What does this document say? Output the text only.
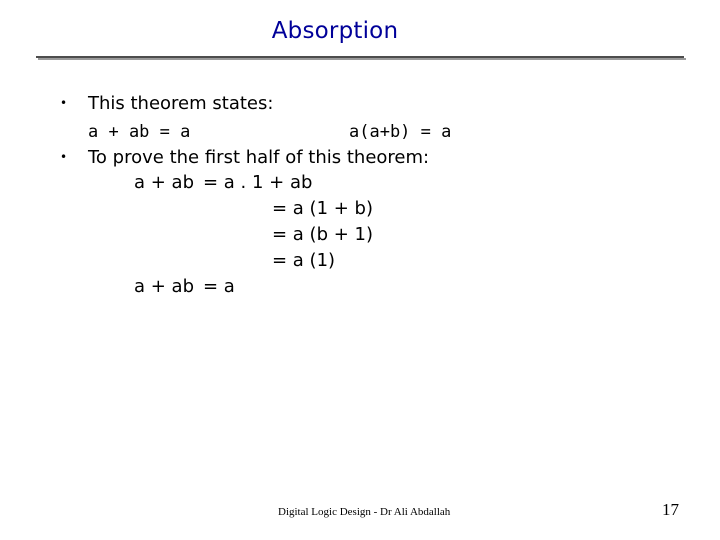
Absorption
• This theorem states:
a + ab = a	a(a+b) = a
• To prove the first half of this theorem:
a + ab = a . 1 + ab
= a (1 + b)
= a (b + 1)
= a (1)
a + ab = a
Digital Logic Design - Dr Ali Abdallah	17
